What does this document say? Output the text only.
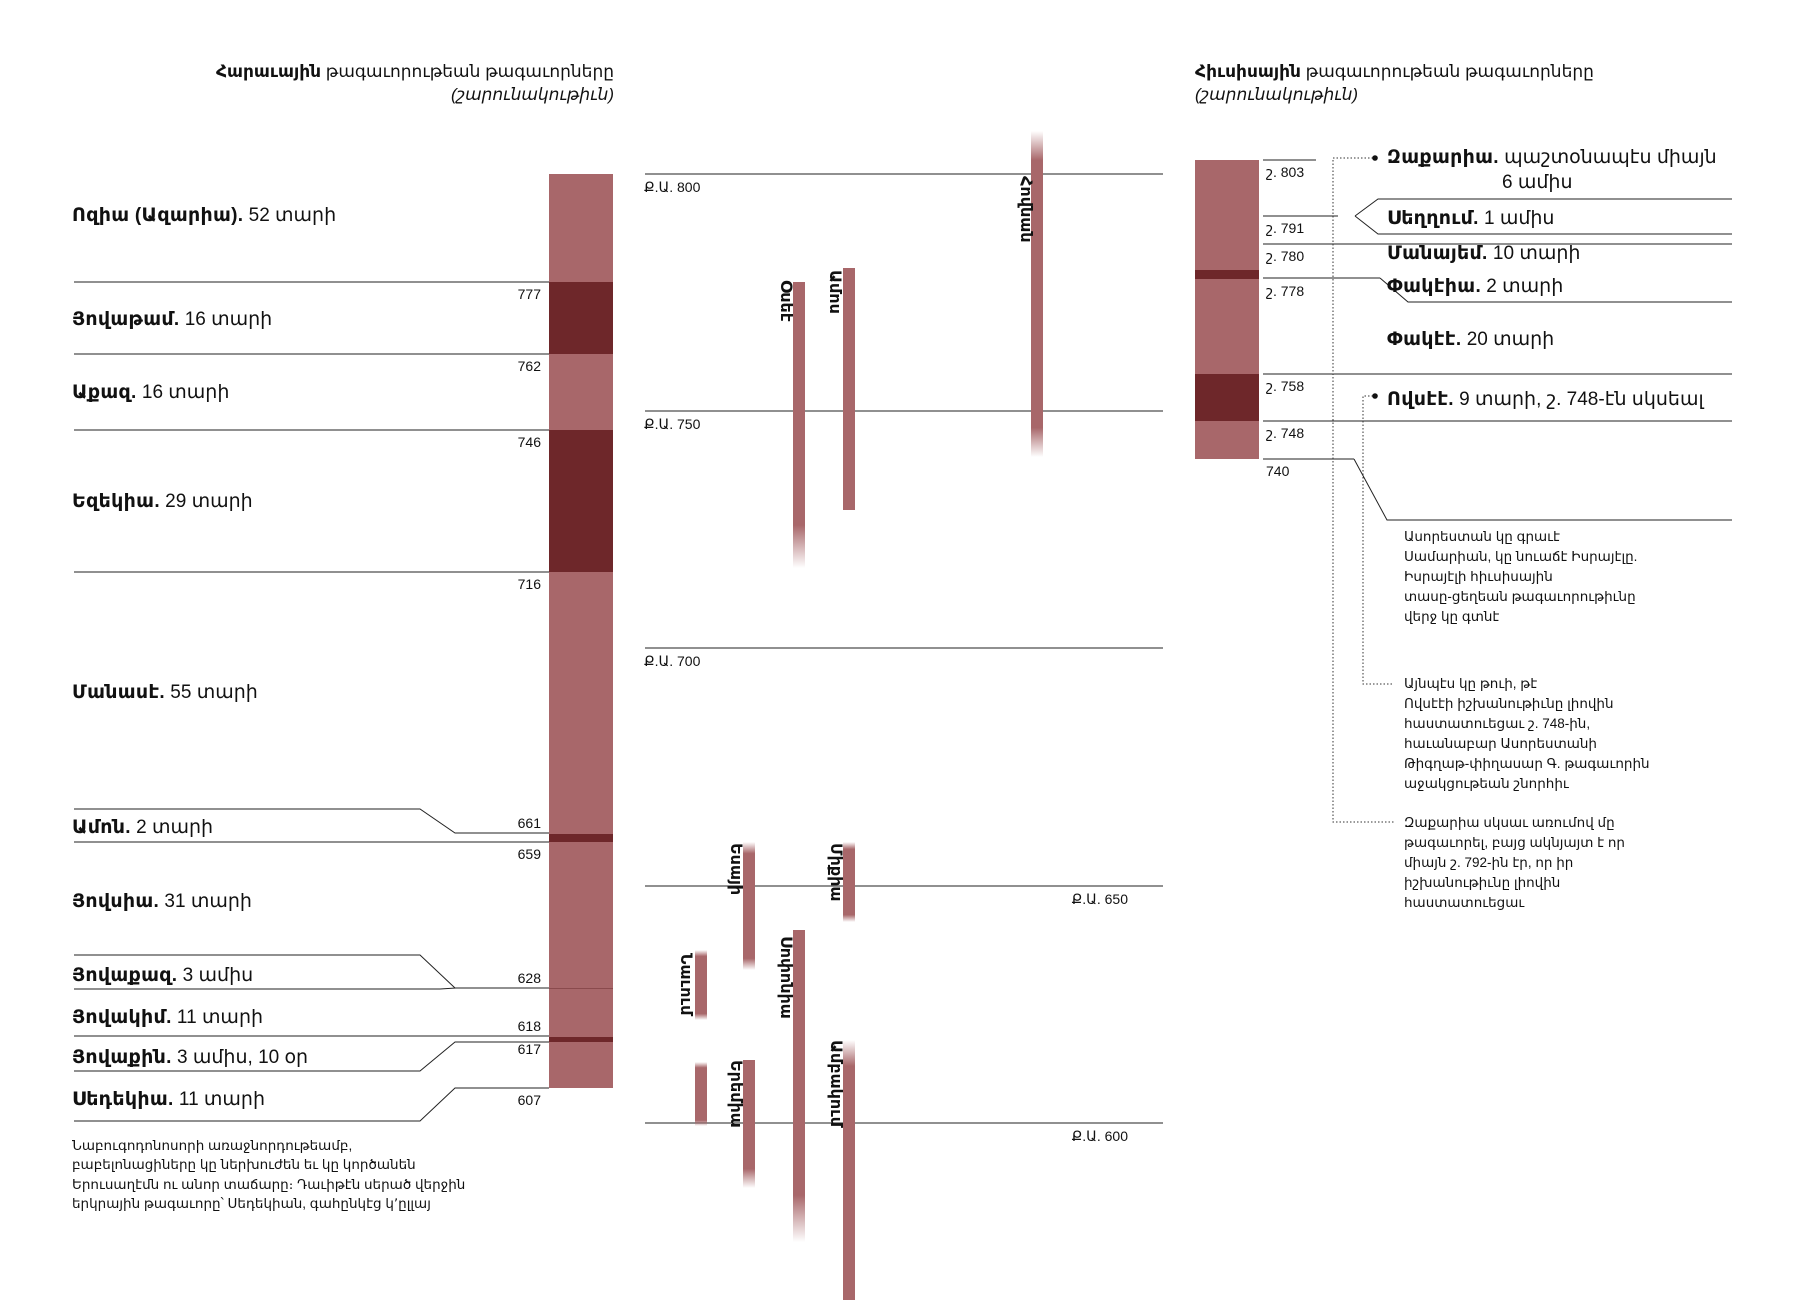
Հարաւային թագաւորութեան թագաւորները
(շարունակութիւն)
777
762
746
716
661
659
628
618
617
607
Ոզիա (Ազարիա). 52 տարի
Յովաթամ. 16 տարի
Աքազ. 16 տարի
Եզեկիա. 29 տարի
Մանասէ. 55 տարի
Ամոն. 2 տարի
Յովսիա. 31 տարի
Յովաքազ. 3 ամիս
Յովակիմ. 11 տարի
Յովաքին. 3 ամիս, 10 օր
Սեդեկիա. 11 տարի
Նաբուգոդոնոսորի առաջնորդութեամբ,
բաբելոնացիները կը ներխուժեն եւ կը կործանեն
Երուսաղէմն ու անոր տաճարը։ Դաւիթէն սերած վերջին
երկրային թագաւորը՝ Սեդեկիան, գահընկէց կ՚ըլլայ
Ք.Ա. 800
Ք.Ա. 750
Ք.Ա. 700
Ք.Ա. 650
Ք.Ա. 600
Հովնան
Ամոս
Օսեէ
Եսայի	Միքիա
Սոփոնիա
Երեմիա
Նաւում
Ամբակում
Հիւսիսային թագաւորութեան թագաւորները
(շարունակութիւն)
շ. 803
շ. 791
շ. 780
շ. 778
շ. 758
շ. 748
740
Զաքարիա. պաշտօնապէս միայն
6 ամիս
Սեղղում. 1 ամիս
Մանայեմ. 10 տարի
Փակէիա. 2 տարի
Փակէէ. 20 տարի
Ովսէէ. 9 տարի, շ. 748-էն սկսեալ
Ասորեստան կը գրաւէ
Սամարիան, կը նուաճէ Իսրայէլը.
Իսրայէլի հիւսիսային
տասը-ցեղեան թագաւորութիւնը
վերջ կը գտնէ
Այնպէս կը թուի, թէ
Ովսէէի իշխանութիւնը լիովին
հաստատուեցաւ շ. 748-ին,
հաւանաբար Ասորեստանի
Թիգղաթ-փիղասար Գ. թագաւորին
աջակցութեան շնորհիւ
Զաքարիա սկսաւ առումով մը
թագաւորել, բայց ակնյայտ է որ
միայն շ. 792-ին էր, որ իր
իշխանութիւնը լիովին
հաստատուեցաւ
